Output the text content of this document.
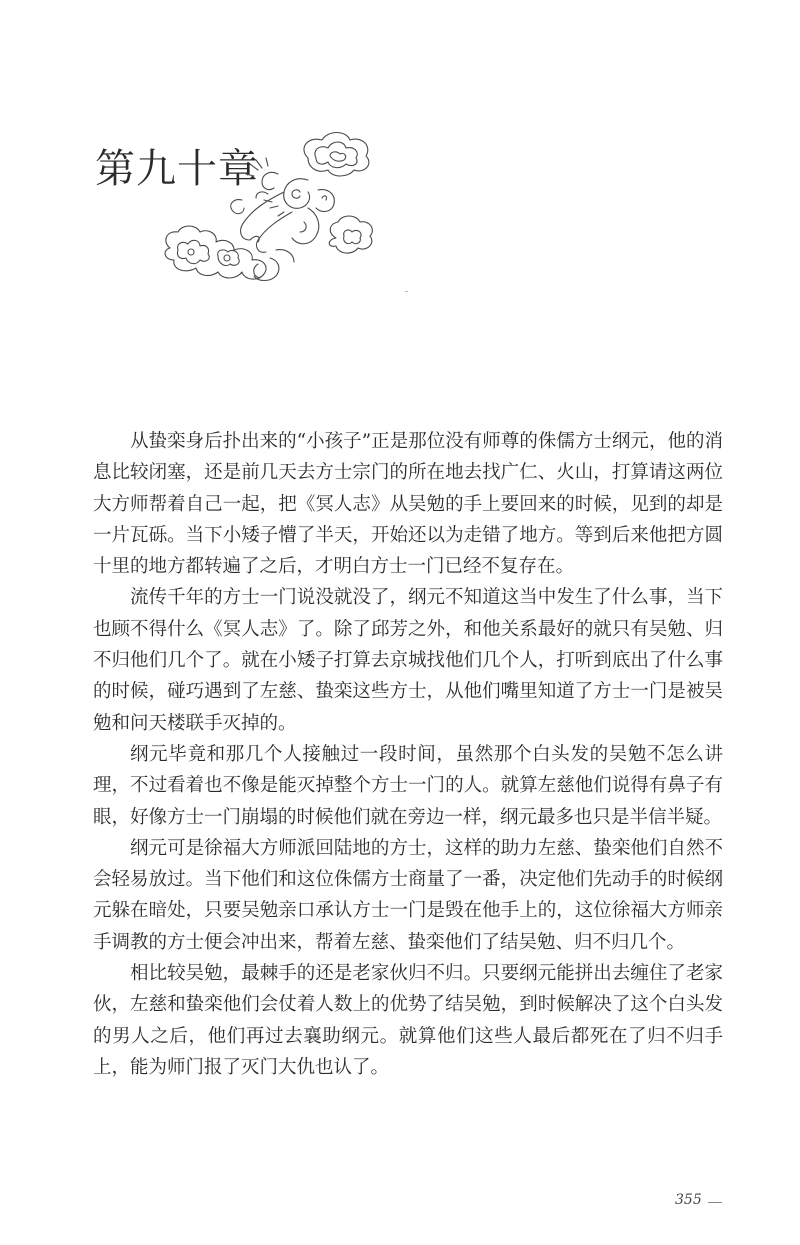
第九十章

从蛰栾身后扑出来的“小孩子”正是那位没有师尊的侏儒方士纲元，他的消息比较闭塞，还是前几天去方士宗门的所在地去找广仁、火山，打算请这两位大方师帮着自己一起，把《冥人志》从吴勉的手上要回来的时候，见到的却是一片瓦砾。当下小矮子懵了半天，开始还以为走错了地方。等到后来他把方圆十里的地方都转遍了之后，才明白方士一门已经不复存在。

流传千年的方士一门说没就没了，纲元不知道这当中发生了什么事，当下也顾不得什么《冥人志》了。除了邱芳之外，和他关系最好的就只有吴勉、归不归他们几个了。就在小矮子打算去京城找他们几个人，打听到底出了什么事的时候，碰巧遇到了左慈、蛰栾这些方士，从他们嘴里知道了方士一门是被吴勉和问天楼联手灭掉的。

纲元毕竟和那几个人接触过一段时间，虽然那个白头发的吴勉不怎么讲理，不过看着也不像是能灭掉整个方士一门的人。就算左慈他们说得有鼻子有眼，好像方士一门崩塌的时候他们就在旁边一样，纲元最多也只是半信半疑。

纲元可是徐福大方师派回陆地的方士，这样的助力左慈、蛰栾他们自然不会轻易放过。当下他们和这位侏儒方士商量了一番，决定他们先动手的时候纲元躲在暗处，只要吴勉亲口承认方士一门是毁在他手上的，这位徐福大方师亲手调教的方士便会冲出来，帮着左慈、蛰栾他们了结吴勉、归不归几个。

相比较吴勉，最棘手的还是老家伙归不归。只要纲元能拼出去缠住了老家伙，左慈和蛰栾他们会仗着人数上的优势了结吴勉，到时候解决了这个白头发的男人之后，他们再过去襄助纲元。就算他们这些人最后都死在了归不归手上，能为师门报了灭门大仇也认了。

355
